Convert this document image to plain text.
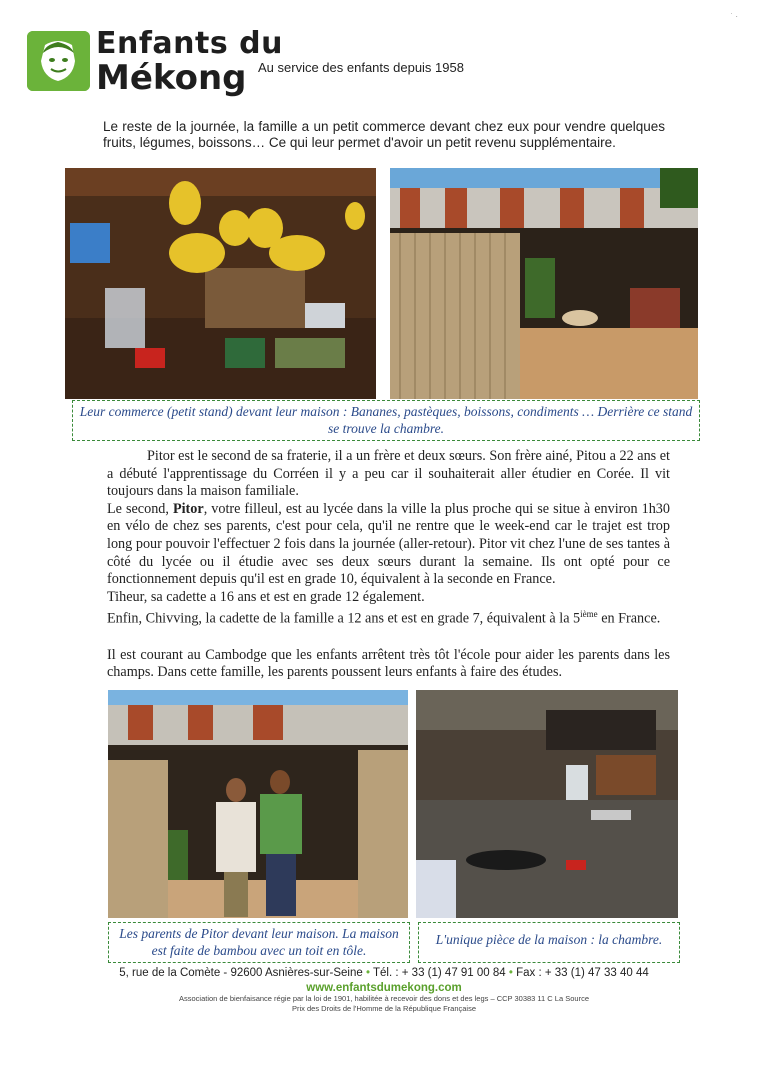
˙ ·
Enfants du
Mékong Au service des enfants depuis 1958
Le reste de la journée, la famille a un petit commerce devant chez eux pour vendre quelques fruits, légumes, boissons… Ce qui leur permet d'avoir un petit revenu supplémentaire.
Leur commerce (petit stand) devant leur maison : Bananes, pastèques, boissons, condiments … Derrière ce stand se trouve la chambre.

Pitor est le second de sa fraterie, il a un frère et deux sœurs. Son frère ainé, Pitou a 22 ans et a débuté l'apprentissage du Corréen il y a peu car il souhaiterait aller étudier en Corée. Il vit toujours dans la maison familiale.

Le second, Pitor, votre filleul, est au lycée dans la ville la plus proche qui se situe à environ 1h30 en vélo de chez ses parents, c'est pour cela, qu'il ne rentre que le week-end car le trajet est trop long pour pouvoir l'effectuer 2 fois dans la journée (aller-retour). Pitor vit chez l'une de ses tantes à côté du lycée ou il étudie avec ses deux sœurs durant la semaine. Ils ont opté pour ce fonctionnement depuis qu'il est en grade 10, équivalent à la seconde en France.

Tiheur, sa cadette a 16 ans et est en grade 12 également.

Enfin, Chivving, la cadette de la famille a 12 ans et est en grade 7, équivalent à la 5ième en France.

Il est courant au Cambodge que les enfants arrêtent très tôt l'école pour aider les parents dans les champs. Dans cette famille, les parents poussent leurs enfants à faire des études.

Les parents de Pitor devant leur maison. La maison est faite de bambou avec un toit en tôle.
L'unique pièce de la maison : la chambre.
5, rue de la Comète - 92600 Asnières-sur-Seine • Tél. : + 33 (1) 47 91 00 84 • Fax : + 33 (1) 47 33 40 44
www.enfantsdumekong.com
Association de bienfaisance régie par la loi de 1901, habilitée à recevoir des dons et des legs – CCP 30383 11 C La Source
Prix des Droits de l'Homme de la République Française
